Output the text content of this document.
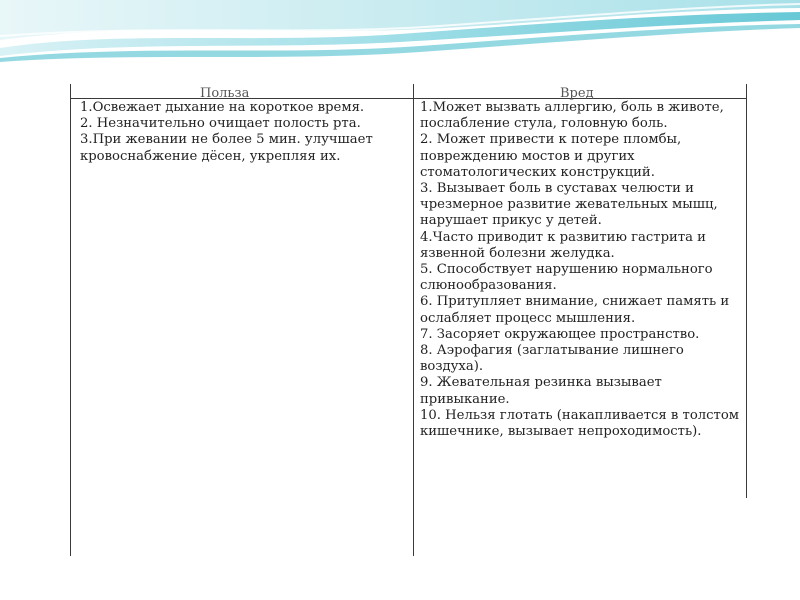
Польза	Вред
1.Освежает дыхание на короткое время.
2. Незначительно очищает полость рта.
3.При жевании не более 5 мин. улучшает кровоснабжение дёсен, укрепляя их.
1.Может вызвать аллергию, боль в животе, послабление стула, головную боль.
2. Может привести к потере пломбы, повреждению мостов и других стоматологических конструкций.
3. Вызывает боль в суставах челюсти и чрезмерное развитие жевательных мышц, нарушает прикус у детей.
4.Часто приводит к развитию гастрита и язвенной болезни желудка.
5. Способствует нарушению нормального слюнообразования.
6. Притупляет внимание, снижает память и ослабляет процесс мышления.
7. Засоряет окружающее пространство.
8. Аэрофагия (заглатывание лишнего воздуха).
9. Жевательная резинка вызывает привыкание.
10. Нельзя глотать (накапливается в толстом кишечнике, вызывает непроходимость).
